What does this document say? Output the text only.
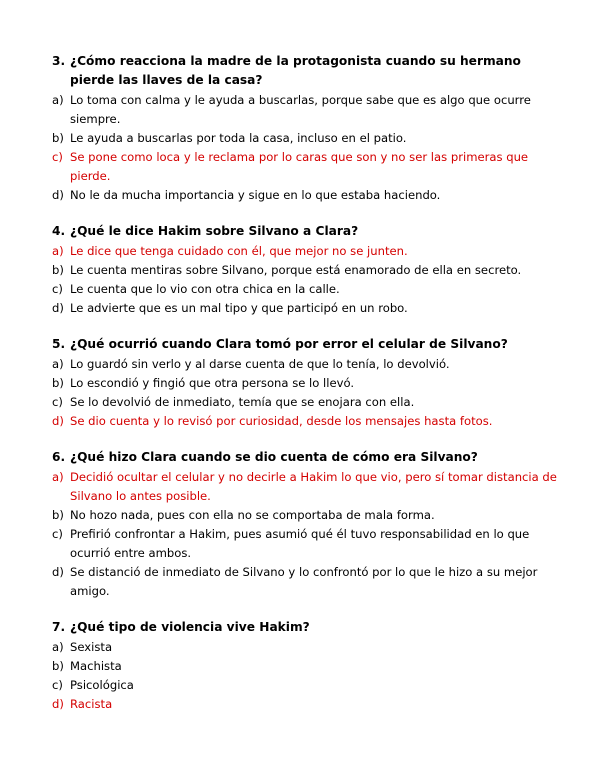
3. ¿Cómo reacciona la madre de la protagonista cuando su hermano pierde las llaves de la casa?
a) Lo toma con calma y le ayuda a buscarlas, porque sabe que es algo que ocurre siempre.
b) Le ayuda a buscarlas por toda la casa, incluso en el patio.
c) Se pone como loca y le reclama por lo caras que son y no ser las primeras que pierde.
d) No le da mucha importancia y sigue en lo que estaba haciendo.
4. ¿Qué le dice Hakim sobre Silvano a Clara?
a) Le dice que tenga cuidado con él, que mejor no se junten.
b) Le cuenta mentiras sobre Silvano, porque está enamorado de ella en secreto.
c) Le cuenta que lo vio con otra chica en la calle.
d) Le advierte que es un mal tipo y que participó en un robo.
5. ¿Qué ocurrió cuando Clara tomó por error el celular de Silvano?
a) Lo guardó sin verlo y al darse cuenta de que lo tenía, lo devolvió.
b) Lo escondió y fingió que otra persona se lo llevó.
c) Se lo devolvió de inmediato, temía que se enojara con ella.
d) Se dio cuenta y lo revisó por curiosidad, desde los mensajes hasta fotos.
6. ¿Qué hizo Clara cuando se dio cuenta de cómo era Silvano?
a) Decidió ocultar el celular y no decirle a Hakim lo que vio, pero sí tomar distancia de Silvano lo antes posible.
b) No hozo nada, pues con ella no se comportaba de mala forma.
c) Prefirió confrontar a Hakim, pues asumió qué él tuvo responsabilidad en lo que ocurrió entre ambos.
d) Se distanció de inmediato de Silvano y lo confrontó por lo que le hizo a su mejor amigo.
7. ¿Qué tipo de violencia vive Hakim?
a) Sexista
b) Machista
c) Psicológica
d) Racista
